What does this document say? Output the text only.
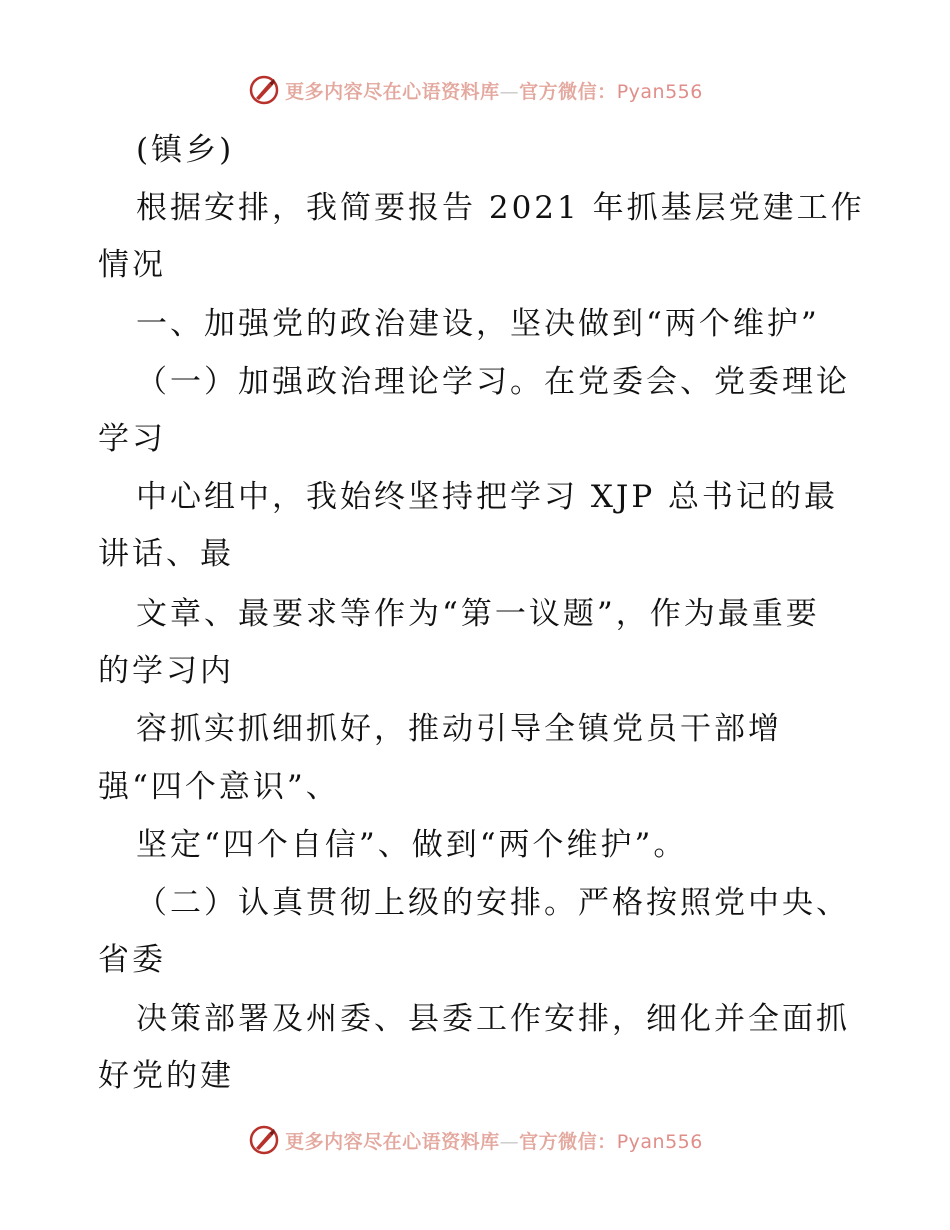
更多内容尽在心语资料库—官方微信：Pyan556
(镇乡)
根据安排，我简要报告 2021 年抓基层党建工作
情况
一、加强党的政治建设，坚决做到“两个维护”
（一）加强政治理论学习。在党委会、党委理论
学习
中心组中，我始终坚持把学习 XJP 总书记的最
讲话、最
文章、最要求等作为“第一议题”，作为最重要
的学习内
容抓实抓细抓好，推动引导全镇党员干部增
强“四个意识”、
坚定“四个自信”、做到“两个维护”。
（二）认真贯彻上级的安排。严格按照党中央、
省委
决策部署及州委、县委工作安排，细化并全面抓
好党的建
更多内容尽在心语资料库—官方微信：Pyan556
